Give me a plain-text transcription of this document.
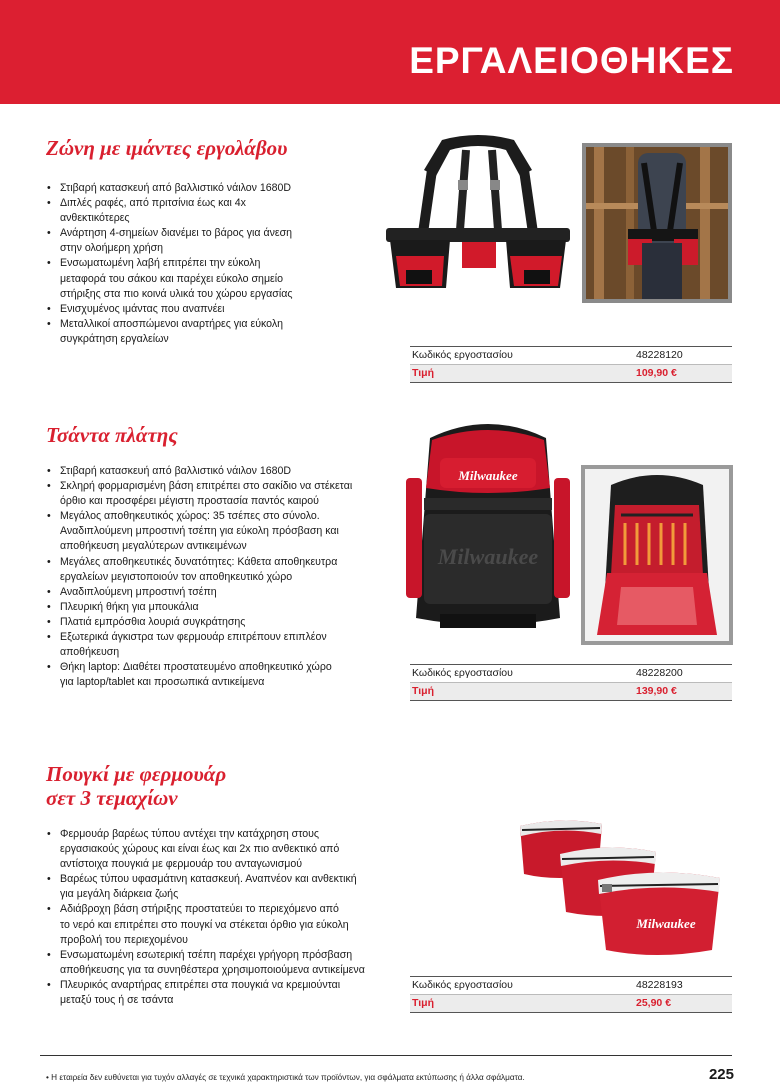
ΕΡΓΑΛΕΙΟΘΗΚΕΣ
Ζώνη με ιμάντες εργολάβου
• Στιβαρή κατασκευή από βαλλιστικό νάιλον 1680D
• Διπλές ραφές, από πριτσίνια έως και 4x
ανθεκτικότερες
• Ανάρτηση 4-σημείων διανέμει το βάρος για άνεση
στην ολοήμερη χρήση
• Ενσωματωμένη λαβή επιτρέπει την εύκολη
μεταφορά του σάκου και παρέχει εύκολο σημείο
στήριξης στα πιο κοινά υλικά του χώρου εργασίας
• Ενισχυμένος ιμάντας που αναπνέει
• Μεταλλικοί αποσπώμενοι αναρτήρες για εύκολη
συγκράτηση εργαλείων
Κωδικός εργοστασίου	48228120
Τιμή	109,90 €
Τσάντα πλάτης
• Στιβαρή κατασκευή από βαλλιστικό νάιλον 1680D
• Σκληρή φορμαρισμένη βάση επιτρέπει στο σακίδιο να στέκεται
όρθιο και προσφέρει μέγιστη προστασία παντός καιρού
• Μεγάλος αποθηκευτικός χώρος: 35 τσέπες στο σύνολο.
Αναδιπλούμενη μπροστινή τσέπη για εύκολη πρόσβαση και
αποθήκευση μεγαλύτερων αντικειμένων
• Μεγάλες αποθηκευτικές δυνατότητες: Κάθετα αποθηκευτρα
εργαλείων μεγιστοποιούν τον αποθηκευτικό χώρο
• Αναδιπλούμενη μπροστινή τσέπη
• Πλευρική θήκη για μπουκάλια
• Πλατιά εμπρόσθια λουριά συγκράτησης
• Εξωτερικά άγκιστρα των φερμουάρ επιτρέπουν επιπλέον
αποθήκευση
• Θήκη laptop: Διαθέτει προστατευμένο αποθηκευτικό χώρο
για laptop/tablet και προσωπικά αντικείμενα
Milwaukee
Milwaukee
Κωδικός εργοστασίου	48228200
Τιμή	139,90 €
Πουγκί με φερμουάρ
σετ 3 τεμαχίων
• Φερμουάρ βαρέως τύπου αντέχει την κατάχρηση στους
εργασιακούς χώρους και είναι έως και 2x πιο ανθεκτικό από
αντίστοιχα πουγκιά με φερμουάρ του ανταγωνισμού
• Βαρέως τύπου υφασμάτινη κατασκευή. Αναπνέον και ανθεκτική
για μεγάλη διάρκεια ζωής
• Αδιάβροχη βάση στήριξης προστατεύει το περιεχόμενο από
το νερό και επιτρέπει στο πουγκί να στέκεται όρθιο για εύκολη
προβολή του περιεχομένου
• Ενσωματωμένη εσωτερική τσέπη παρέχει γρήγορη πρόσβαση
αποθήκευσης για τα συνηθέστερα χρησιμοποιούμενα αντικείμενα
• Πλευρικός αναρτήρας επιτρέπει στα πουγκιά να κρεμιούνται
μεταξύ τους ή σε τσάντα
Milwaukee
Κωδικός εργοστασίου	48228193
Τιμή	25,90 €
• Η εταιρεία δεν ευθύνεται για τυχόν αλλαγές σε τεχνικά χαρακτηριστικά των προϊόντων, για σφάλματα εκτύπωσης ή άλλα σφάλματα.	225
